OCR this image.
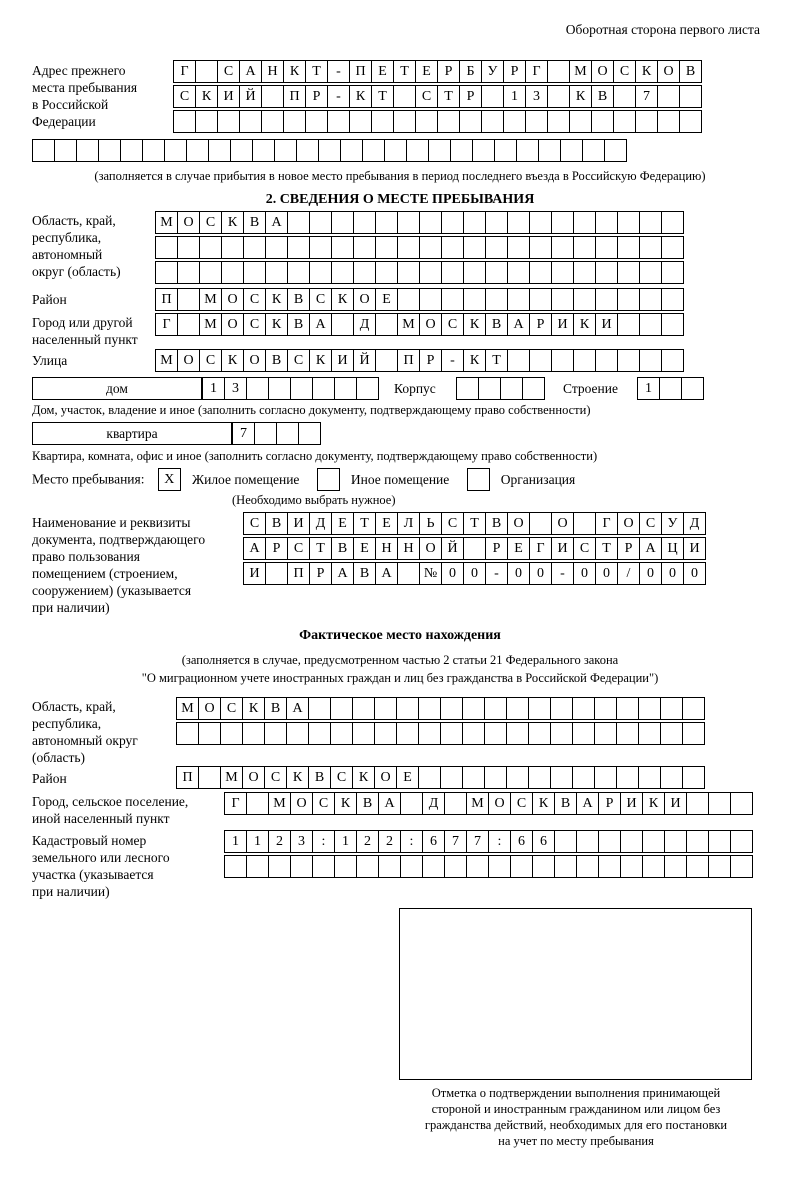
Оборотная сторона первого листа
Адрес прежнего
места пребывания
в Российской
Федерации
Г	С А Н К Т	-	П Е Т Е Р	Б У Р	Г	М О С К О В
С К И Й	П Р	-	К Т	С Т Р	1	3	К В	7
(заполняется в случае прибытия в новое место пребывания в период последнего въезда в Российскую Федерацию)
2. СВЕДЕНИЯ О МЕСТЕ ПРЕБЫВАНИЯ
Область, край,
республика,
автономный
округ (область)
М О С К В А
Район	П	М О С К В С К О Е
Город или другой
населенный пункт
Г	М О С К В А	Д	М О С К В А Р И К И
Улица	М О С К О В С К И Й	П Р	-	К Т
дом	1	3	Корпус	Строение	1
Дом, участок, владение и иное (заполнить согласно документу, подтверждающему право собственности)
квартира	7
Квартира, комната, офис и иное (заполнить согласно документу, подтверждающему право собственности)
Место пребывания: X Жилое помещение	Иное помещение	Организация
(Необходимо выбрать нужное)
Наименование и реквизиты
документа, подтверждающего
право пользования
помещением (строением,
сооружением) (указывается
при наличии)
С В И Д Е Т Е Л Ь С Т В О	О	Г О С У Д
А Р С Т В Е Н Н О Й	Р Е Г И С Т Р А Ц И
И	П Р А В А	№ 0	0	-	0	0	-	0	0	/	0	0	0
Фактическое место нахождения
(заполняется в случае, предусмотренном частью 2 статьи 21 Федерального закона
"О миграционном учете иностранных граждан и лиц без гражданства в Российской Федерации")
Область, край,
республика,
автономный округ
(область)
М О С К В А
Район	П	М О С К В С К О Е
Город, сельское поселение,
иной населенный пункт
Г	М О С К В А	Д	М О С К В А Р И К И
Кадастровый номер
земельного или лесного
участка (указывается
при наличии)
1	1	2	3	:	1	2	2	:	6	7	7	:	6	6
Отметка о подтверждении выполнения принимающей
стороной и иностранным гражданином или лицом без
гражданства действий, необходимых для его постановки
на учет по месту пребывания
